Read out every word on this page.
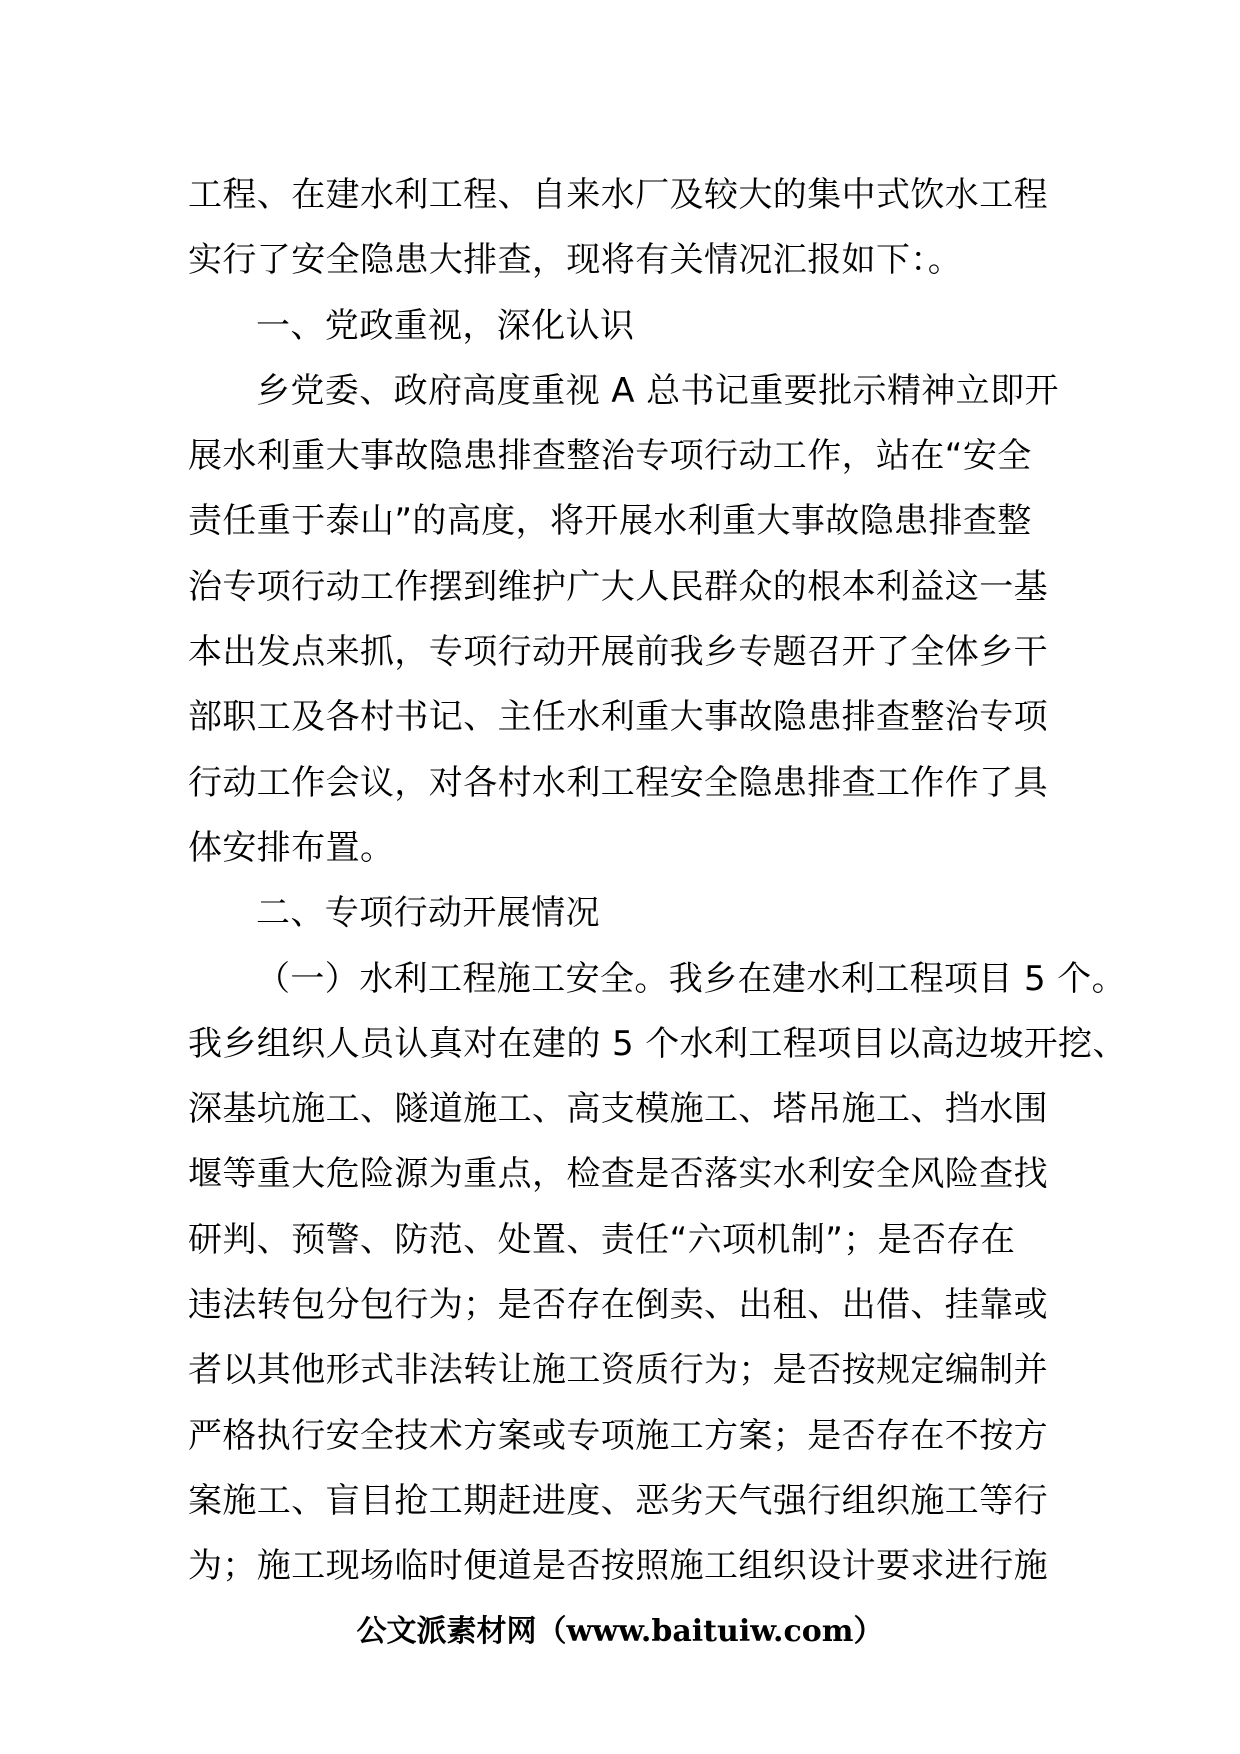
工程、在建水利工程、自来水厂及较大的集中式饮水工程
实行了安全隐患大排查，现将有关情况汇报如下：。
一、党政重视，深化认识
乡党委、政府高度重视 A 总书记重要批示精神立即开
展水利重大事故隐患排查整治专项行动工作，站在“安全
责任重于泰山”的高度，将开展水利重大事故隐患排查整
治专项行动工作摆到维护广大人民群众的根本利益这一基
本出发点来抓，专项行动开展前我乡专题召开了全体乡干
部职工及各村书记、主任水利重大事故隐患排查整治专项
行动工作会议，对各村水利工程安全隐患排查工作作了具
体安排布置。
二、专项行动开展情况
（一）水利工程施工安全。我乡在建水利工程项目 5 个。
我乡组织人员认真对在建的 5 个水利工程项目以高边坡开挖、
深基坑施工、隧道施工、高支模施工、塔吊施工、挡水围
堰等重大危险源为重点，检查是否落实水利安全风险查找
研判、预警、防范、处置、责任“六项机制”；是否存在
违法转包分包行为；是否存在倒卖、出租、出借、挂靠或
者以其他形式非法转让施工资质行为；是否按规定编制并
严格执行安全技术方案或专项施工方案；是否存在不按方
案施工、盲目抢工期赶进度、恶劣天气强行组织施工等行
为；施工现场临时便道是否按照施工组织设计要求进行施
公文派素材网（www.baituiw.com）
